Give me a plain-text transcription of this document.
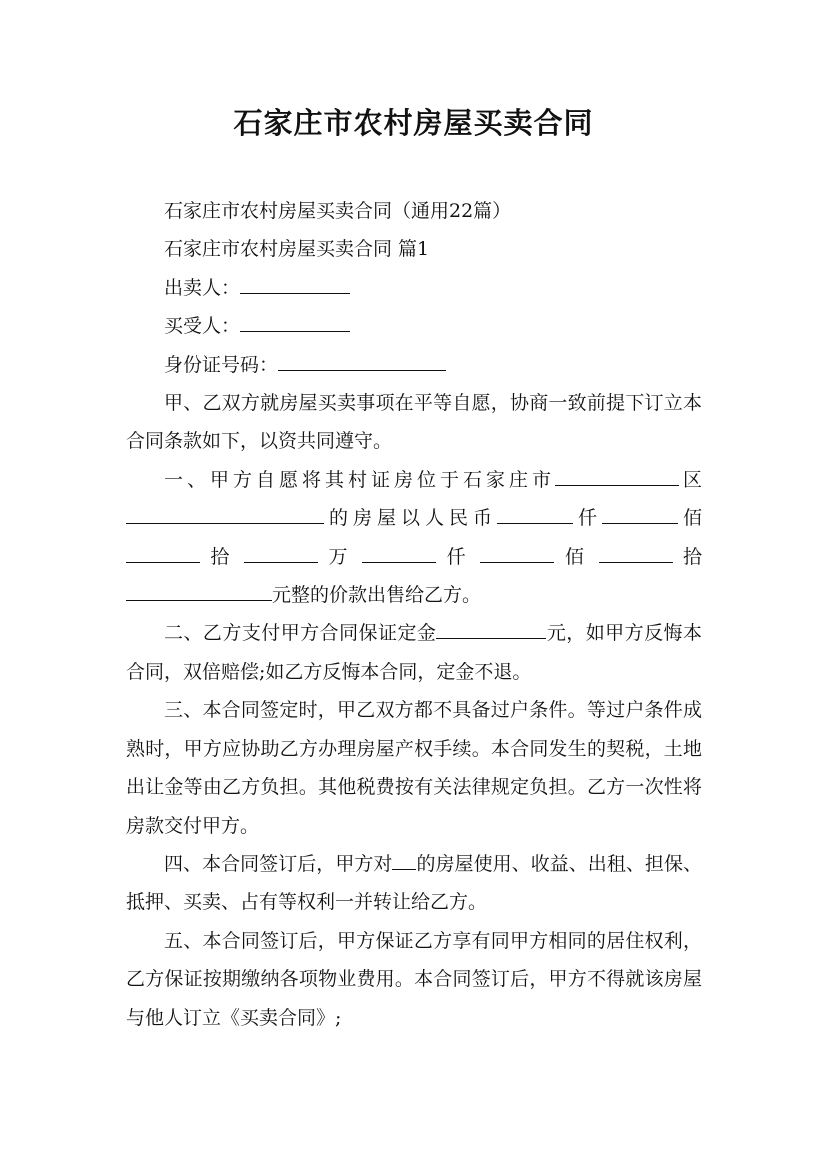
石家庄市农村房屋买卖合同

石家庄市农村房屋买卖合同（通用22篇）

石家庄市农村房屋买卖合同 篇1

出卖人：

买受人：

身份证号码：

甲、乙双方就房屋买卖事项在平等自愿，协商一致前提下订立本合同条款如下，以资共同遵守。

一、甲方自愿将其村证房位于石家庄市	区 的房屋以人民币	仟	佰  拾	万	仟	佰	拾 元整的价款出售给乙方。

二、乙方支付甲方合同保证定金	元，如甲方反悔本合同，双倍赔偿;如乙方反悔本合同，定金不退。

三、本合同签定时，甲乙双方都不具备过户条件。等过户条件成熟时，甲方应协助乙方办理房屋产权手续。本合同发生的契税，土地出让金等由乙方负担。其他税费按有关法律规定负担。乙方一次性将房款交付甲方。

四、本合同签订后，甲方对 的房屋使用、收益、出租、担保、抵押、买卖、占有等权利一并转让给乙方。

五、本合同签订后，甲方保证乙方享有同甲方相同的居住权利，乙方保证按期缴纳各项物业费用。本合同签订后，甲方不得就该房屋与他人订立《买卖合同》;
